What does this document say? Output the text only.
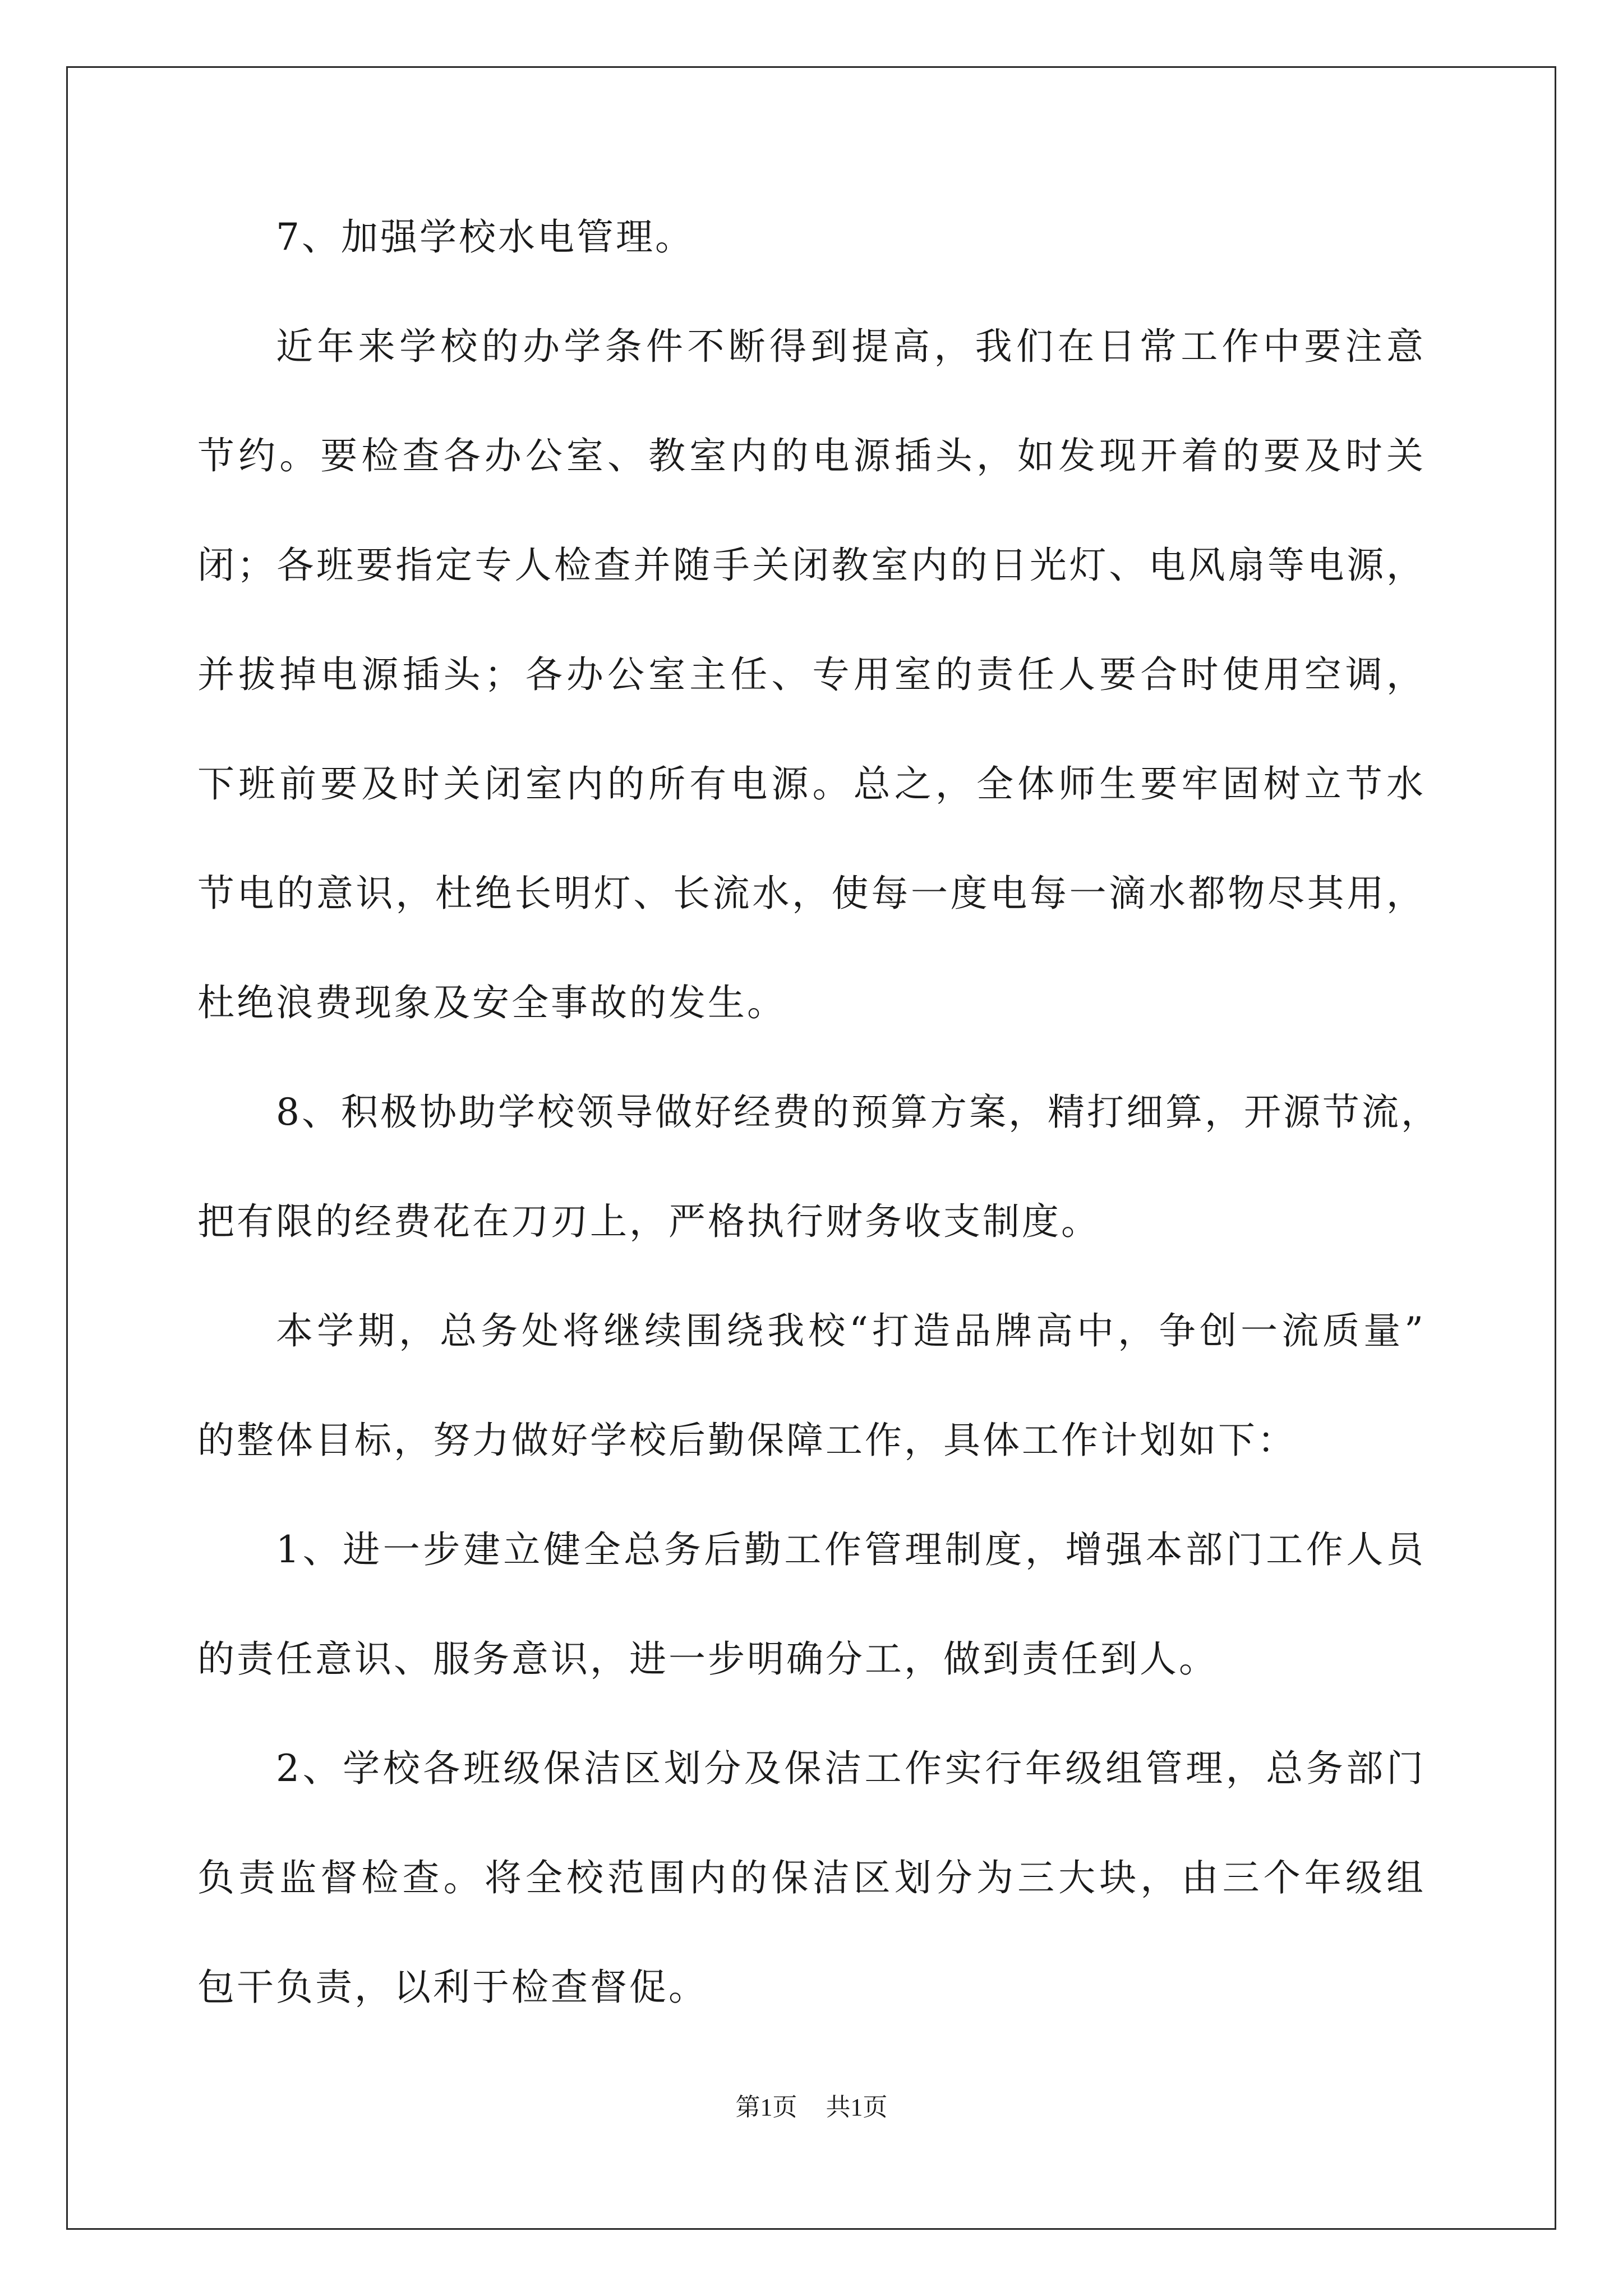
7、加强学校水电管理。
近年来学校的办学条件不断得到提高，我们在日常工作中要注意
节约。要检查各办公室、教室内的电源插头，如发现开着的要及时关
闭；各班要指定专人检查并随手关闭教室内的日光灯、电风扇等电源，
并拔掉电源插头；各办公室主任、专用室的责任人要合时使用空调，
下班前要及时关闭室内的所有电源。总之，全体师生要牢固树立节水
节电的意识，杜绝长明灯、长流水，使每一度电每一滴水都物尽其用，
杜绝浪费现象及安全事故的发生。
8、积极协助学校领导做好经费的预算方案，精打细算，开源节流，
把有限的经费花在刀刃上，严格执行财务收支制度。
本学期，总务处将继续围绕我校“打造品牌高中，争创一流质量”
的整体目标，努力做好学校后勤保障工作，具体工作计划如下：
1、进一步建立健全总务后勤工作管理制度，增强本部门工作人员
的责任意识、服务意识，进一步明确分工，做到责任到人。
2、学校各班级保洁区划分及保洁工作实行年级组管理，总务部门
负责监督检查。将全校范围内的保洁区划分为三大块，由三个年级组
包干负责，以利于检查督促。
第1页 共1页
